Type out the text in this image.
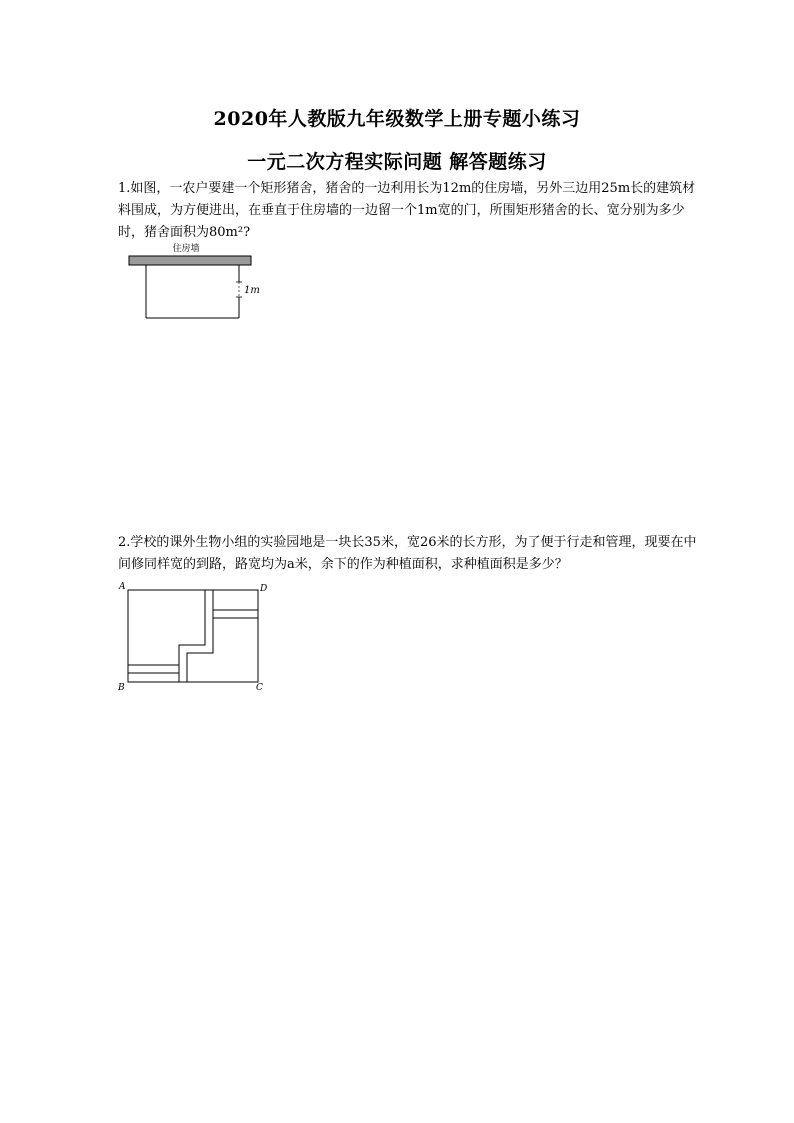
2020年人教版九年级数学上册专题小练习
一元二次方程实际问题 解答题练习
1.如图，一农户要建一个矩形猪舍，猪舍的一边利用长为12m的住房墙，另外三边用25m长的建筑材料围成，为方便进出，在垂直于住房墙的一边留一个1m宽的门，所围矩形猪舍的长、宽分别为多少时，猪舍面积为80m²?
住房墙
1m
2.学校的课外生物小组的实验园地是一块长35米，宽26米的长方形，为了便于行走和管理，现要在中间修同样宽的到路，路宽均为a米，余下的作为种植面积，求种植面积是多少？
A	D
B	C
